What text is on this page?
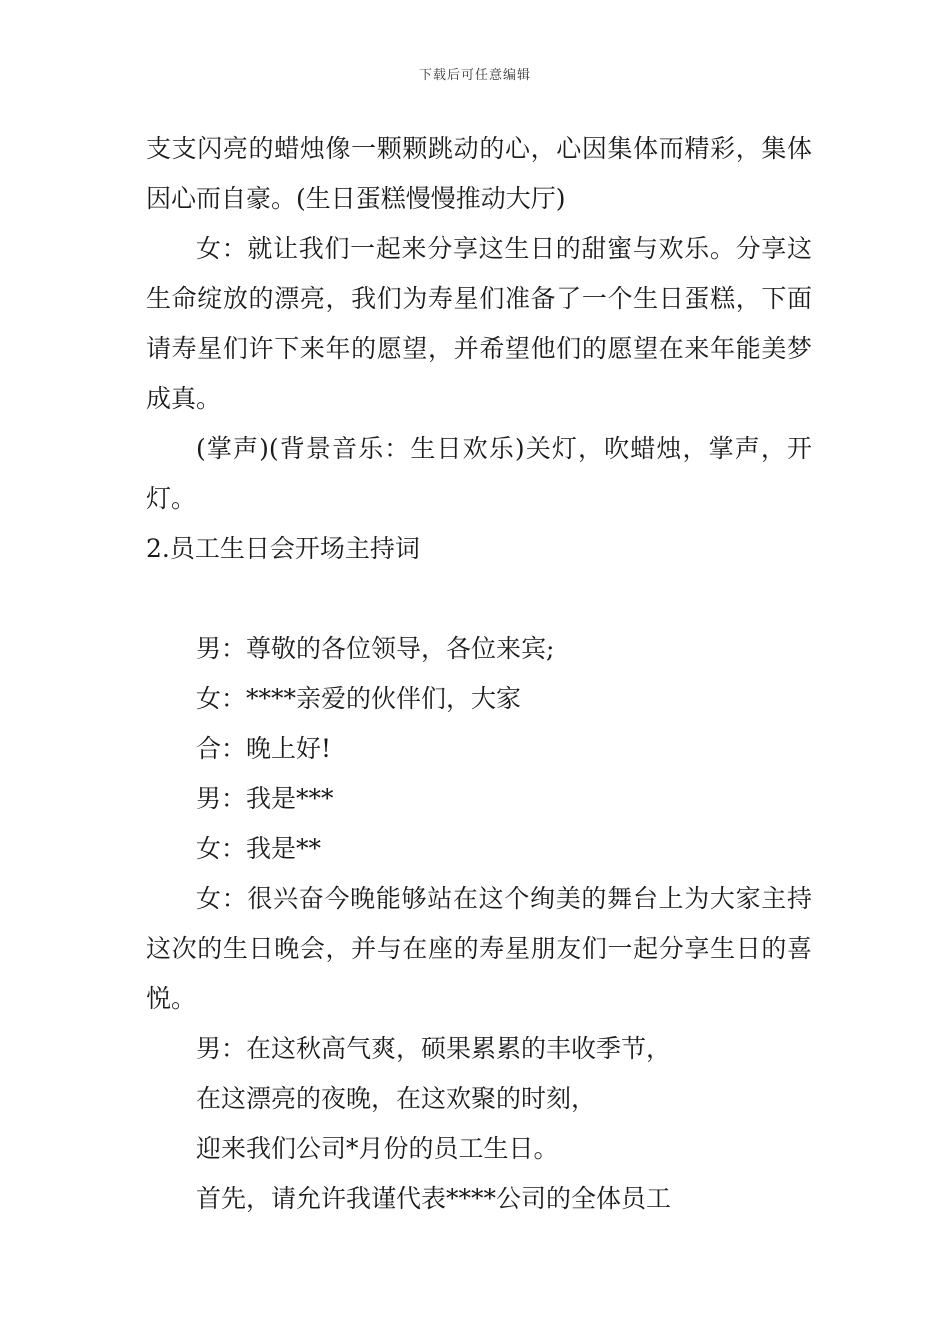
下载后可任意编辑

支支闪亮的蜡烛像一颗颗跳动的心，心因集体而精彩，集体因心而自豪。(生日蛋糕慢慢推动大厅)

女：就让我们一起来分享这生日的甜蜜与欢乐。分享这生命绽放的漂亮，我们为寿星们准备了一个生日蛋糕，下面请寿星们许下来年的愿望，并希望他们的愿望在来年能美梦成真。

(掌声)(背景音乐：生日欢乐)关灯，吹蜡烛，掌声，开灯。

2.员工生日会开场主持词

男：尊敬的各位领导，各位来宾;

女：****亲爱的伙伴们，大家

合：晚上好!

男：我是***

女：我是**

女：很兴奋今晚能够站在这个绚美的舞台上为大家主持这次的生日晚会，并与在座的寿星朋友们一起分享生日的喜悦。

男：在这秋高气爽，硕果累累的丰收季节，

在这漂亮的夜晚，在这欢聚的时刻，

迎来我们公司*月份的员工生日。

首先，请允许我谨代表****公司的全体员工
